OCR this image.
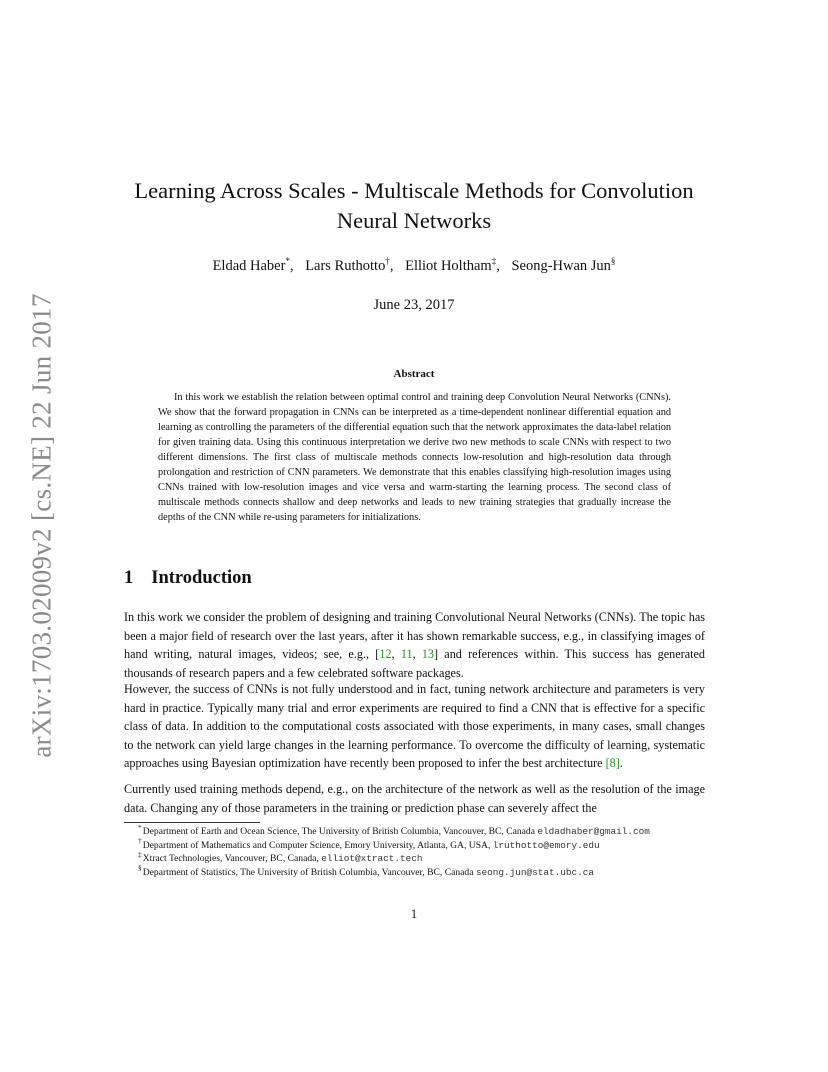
arXiv:1703.02009v2 [cs.NE] 22 Jun 2017
Learning Across Scales - Multiscale Methods for Convolution
Neural Networks
Eldad Haber*, Lars Ruthotto†, Elliot Holtham‡, Seong-Hwan Jun§
June 23, 2017
Abstract

In this work we establish the relation between optimal control and training deep Convolution Neural Networks (CNNs). We show that the forward propagation in CNNs can be interpreted as a time-dependent nonlinear differential equation and learning as controlling the parameters of the differential equation such that the network approximates the data-label relation for given training data. Using this continuous interpretation we derive two new methods to scale CNNs with respect to two different dimensions. The first class of multiscale methods connects low-resolution and high-resolution data through prolongation and restriction of CNN parameters. We demonstrate that this enables classifying high-resolution images using CNNs trained with low-resolution images and vice versa and warm-starting the learning process. The second class of multiscale methods connects shallow and deep networks and leads to new training strategies that gradually increase the depths of the CNN while re-using parameters for initializations.

1 Introduction

In this work we consider the problem of designing and training Convolutional Neural Networks (CNNs). The topic has been a major field of research over the last years, after it has shown remarkable success, e.g., in classifying images of hand writing, natural images, videos; see, e.g., [12, 11, 13] and references within. This success has generated thousands of research papers and a few celebrated software packages.

However, the success of CNNs is not fully understood and in fact, tuning network architecture and parameters is very hard in practice. Typically many trial and error experiments are required to find a CNN that is effective for a specific class of data. In addition to the computational costs associated with those experiments, in many cases, small changes to the network can yield large changes in the learning performance. To overcome the difficulty of learning, systematic approaches using Bayesian optimization have recently been proposed to infer the best architecture [8].

Currently used training methods depend, e.g., on the architecture of the network as well as the resolution of the image data. Changing any of those parameters in the training or prediction phase can severely affect the

*Department of Earth and Ocean Science, The University of British Columbia, Vancouver, BC, Canada eldadhaber@gmail.com
†Department of Mathematics and Computer Science, Emory University, Atlanta, GA, USA, lruthotto@emory.edu
‡Xtract Technologies, Vancouver, BC, Canada, elliot@xtract.tech
§Department of Statistics, The University of British Columbia, Vancouver, BC, Canada seong.jun@stat.ubc.ca
1
